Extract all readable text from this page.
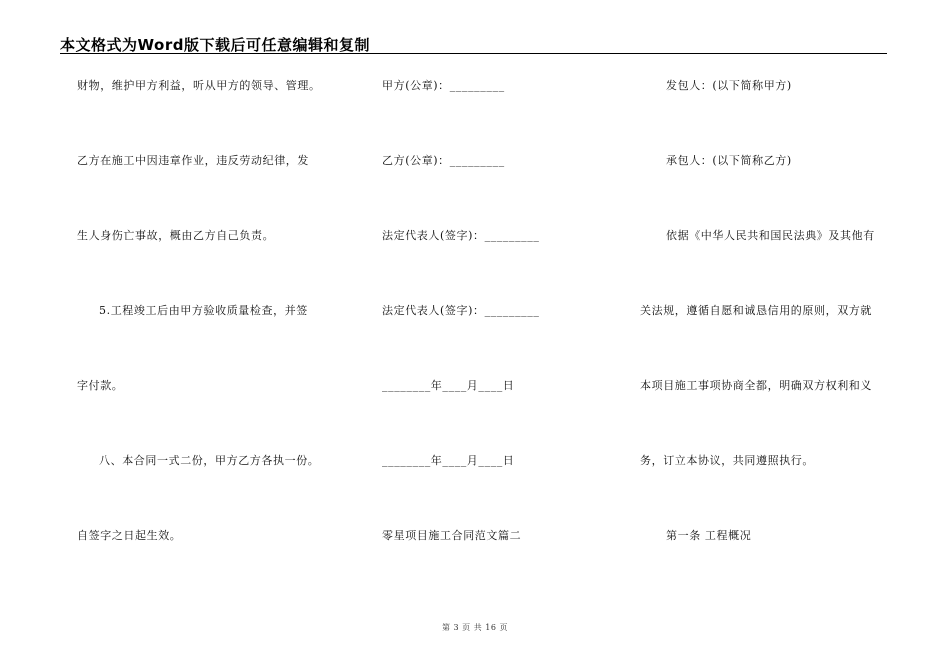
本文格式为Word版下载后可任意编辑和复制
财物，维护甲方利益，听从甲方的领导、管理。
乙方在施工中因违章作业，违反劳动纪律，发
生人身伤亡事故，概由乙方自己负责。
5.工程竣工后由甲方验收质量检查，并签
字付款。
八、本合同一式二份，甲方乙方各执一份。
自签字之日起生效。
甲方(公章)：_________
乙方(公章)：_________
法定代表人(签字)：_________
法定代表人(签字)：_________
________年____月____日
________年____月____日
零星项目施工合同范文篇二
发包人：(以下简称甲方)
承包人：(以下简称乙方)
依据《中华人民共和国民法典》及其他有
关法规，遵循自愿和诚恳信用的原则，双方就
本项目施工事项协商全都，明确双方权利和义
务，订立本协议，共同遵照执行。
第一条 工程概况
第 3 页 共 16 页
